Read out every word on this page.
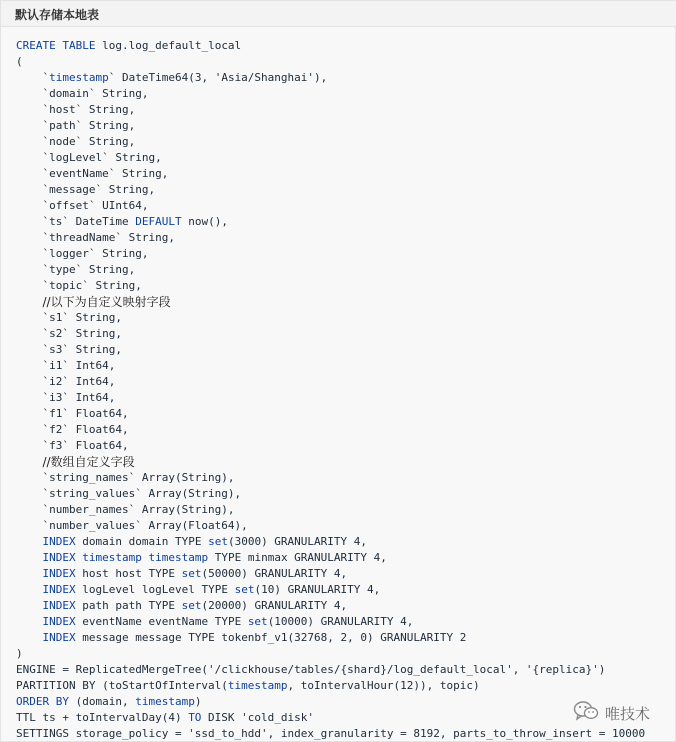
默认存储本地表
CREATE TABLE log.log_default_local
(
`timestamp` DateTime64(3, 'Asia/Shanghai'),
`domain` String,
`host` String,
`path` String,
`node` String,
`logLevel` String,
`eventName` String,
`message` String,
`offset` UInt64,
`ts` DateTime DEFAULT now(),
`threadName` String,
`logger` String,
`type` String,
`topic` String,
//以下为自定义映射字段
`s1` String,
`s2` String,
`s3` String,
`i1` Int64,
`i2` Int64,
`i3` Int64,
`f1` Float64,
`f2` Float64,
`f3` Float64,
//数组自定义字段
`string_names` Array(String),
`string_values` Array(String),
`number_names` Array(String),
`number_values` Array(Float64),
INDEX domain domain TYPE set(3000) GRANULARITY 4,
INDEX timestamp timestamp TYPE minmax GRANULARITY 4,
INDEX host host TYPE set(50000) GRANULARITY 4,
INDEX logLevel logLevel TYPE set(10) GRANULARITY 4,
INDEX path path TYPE set(20000) GRANULARITY 4,
INDEX eventName eventName TYPE set(10000) GRANULARITY 4,
INDEX message message TYPE tokenbf_v1(32768, 2, 0) GRANULARITY 2
)
ENGINE = ReplicatedMergeTree('/clickhouse/tables/{shard}/log_default_local', '{replica}')
PARTITION BY (toStartOfInterval(timestamp, toIntervalHour(12)), topic)
ORDER BY (domain, timestamp)
TTL ts + toIntervalDay(4) TO DISK 'cold_disk'
SETTINGS storage_policy = 'ssd_to_hdd', index_granularity = 8192, parts_to_throw_insert = 10000
唯技术
